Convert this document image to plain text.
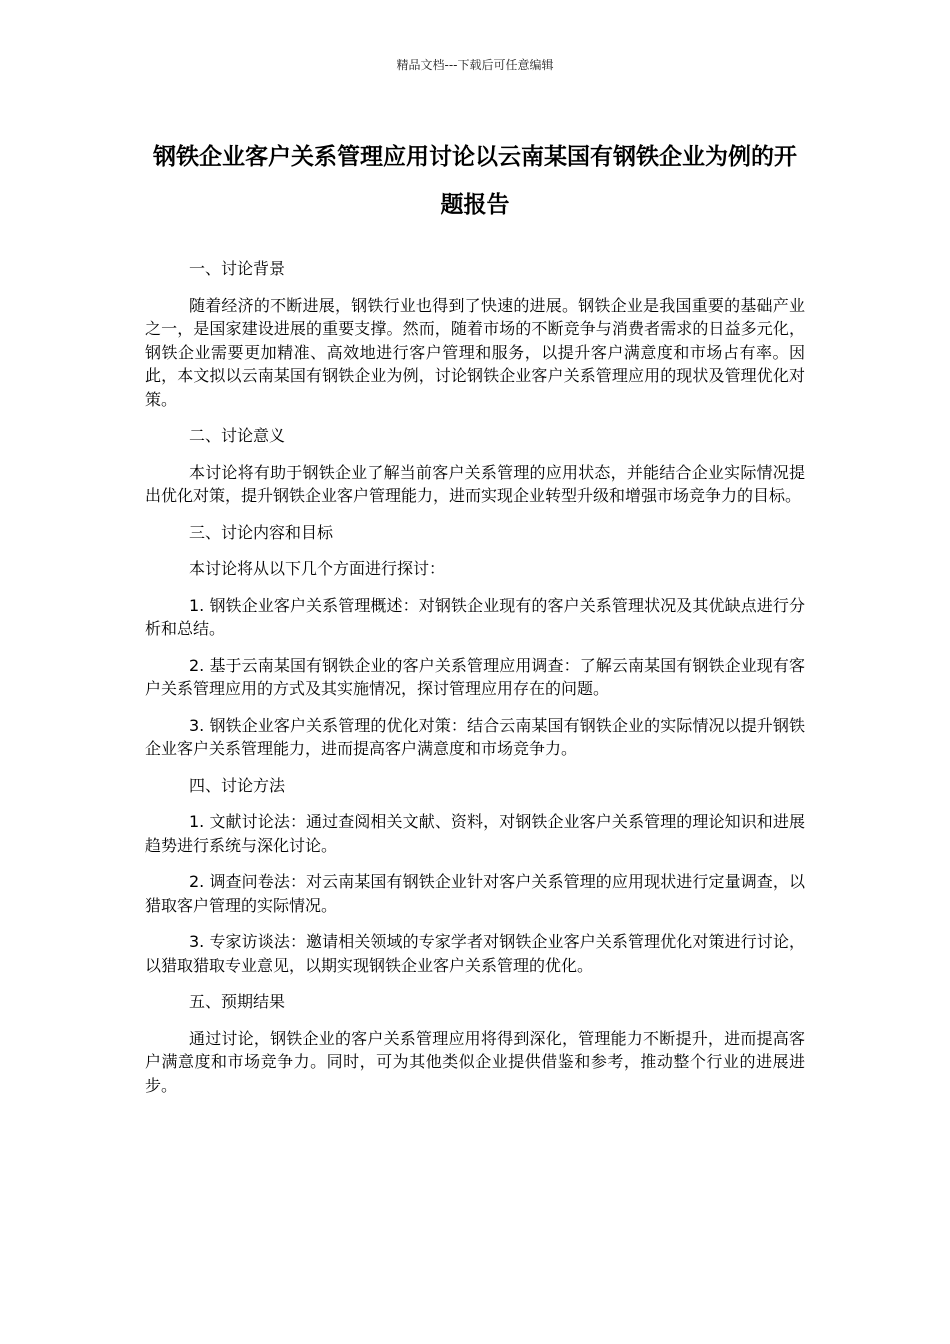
精品文档---下载后可任意编辑
钢铁企业客户关系管理应用讨论以云南某国有钢铁企业为例的开题报告

一、讨论背景

随着经济的不断进展，钢铁行业也得到了快速的进展。钢铁企业是我国重要的基础产业之一，是国家建设进展的重要支撑。然而，随着市场的不断竞争与消费者需求的日益多元化，钢铁企业需要更加精准、高效地进行客户管理和服务，以提升客户满意度和市场占有率。因此，本文拟以云南某国有钢铁企业为例，讨论钢铁企业客户关系管理应用的现状及管理优化对策。

二、讨论意义

本讨论将有助于钢铁企业了解当前客户关系管理的应用状态，并能结合企业实际情况提出优化对策，提升钢铁企业客户管理能力，进而实现企业转型升级和增强市场竞争力的目标。

三、讨论内容和目标

本讨论将从以下几个方面进行探讨：

1. 钢铁企业客户关系管理概述：对钢铁企业现有的客户关系管理状况及其优缺点进行分析和总结。

2. 基于云南某国有钢铁企业的客户关系管理应用调查：了解云南某国有钢铁企业现有客户关系管理应用的方式及其实施情况，探讨管理应用存在的问题。

3. 钢铁企业客户关系管理的优化对策：结合云南某国有钢铁企业的实际情况以提升钢铁企业客户关系管理能力，进而提高客户满意度和市场竞争力。

四、讨论方法

1. 文献讨论法：通过查阅相关文献、资料，对钢铁企业客户关系管理的理论知识和进展趋势进行系统与深化讨论。

2. 调查问卷法：对云南某国有钢铁企业针对客户关系管理的应用现状进行定量调查，以猎取客户管理的实际情况。

3. 专家访谈法：邀请相关领域的专家学者对钢铁企业客户关系管理优化对策进行讨论，以猎取猎取专业意见，以期实现钢铁企业客户关系管理的优化。

五、预期结果

通过讨论，钢铁企业的客户关系管理应用将得到深化，管理能力不断提升，进而提高客户满意度和市场竞争力。同时，可为其他类似企业提供借鉴和参考，推动整个行业的进展进步。
